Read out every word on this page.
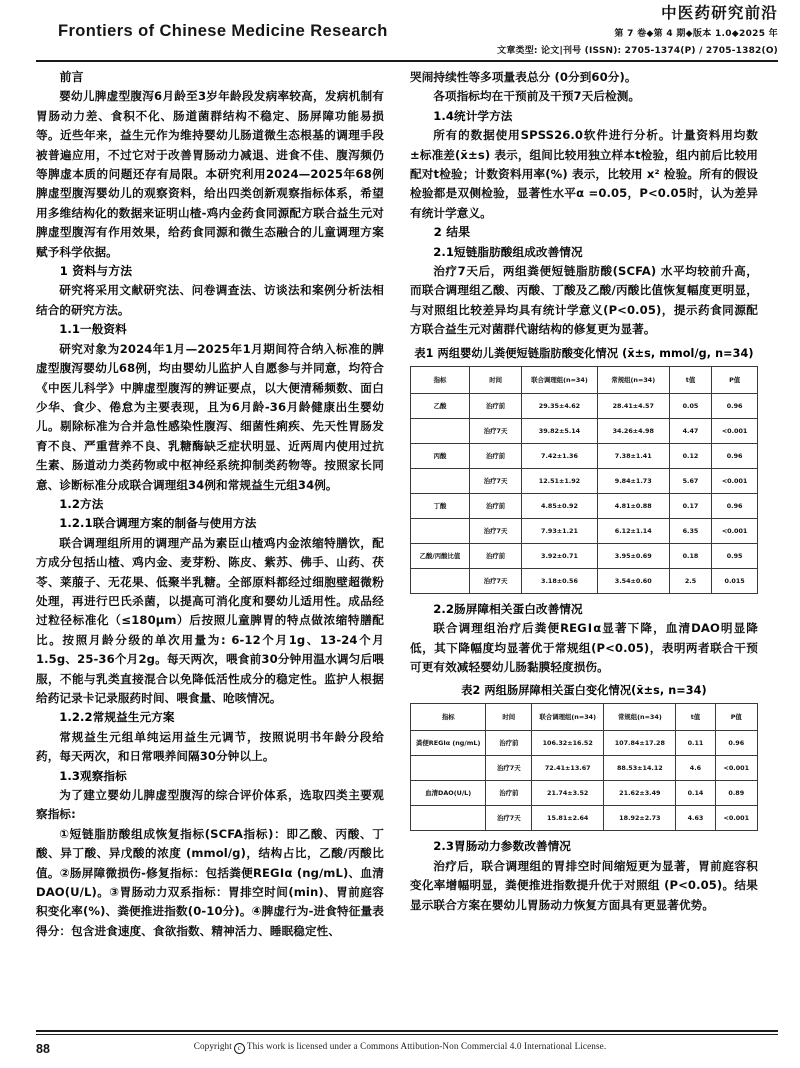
Frontiers of Chinese Medicine Research
中医药研究前沿
第 7 卷◆第 4 期◆版本 1.0◆2025 年
文章类型: 论文|刊号 (ISSN): 2705-1374(P) / 2705-1382(O)
前言

婴幼儿脾虚型腹泻6月龄至3岁年龄段发病率较高，发病机制有胃肠动力差、食积不化、肠道菌群结构不稳定、肠屏障功能易损等。近些年来，益生元作为维持婴幼儿肠道微生态根基的调理手段被普遍应用，不过它对于改善胃肠动力减退、进食不佳、腹泻频仍等脾虚本质的问题还存有局限。本研究利用2024—2025年68例脾虚型腹泻婴幼儿的观察资料，给出四类创新观察指标体系，希望用多维结构化的数据来证明山楂-鸡内金药食同源配方联合益生元对脾虚型腹泻有作用效果，给药食同源和微生态融合的儿童调理方案赋予科学依据。

1 资料与方法

研究将采用文献研究法、问卷调查法、访谈法和案例分析法相结合的研究方法。

1.1一般资料

研究对象为2024年1月—2025年1月期间符合纳入标准的脾虚型腹泻婴幼儿68例，均由婴幼儿监护人自愿参与并同意，均符合《中医儿科学》中脾虚型腹泻的辨证要点，以大便清稀频数、面白少华、食少、倦怠为主要表现，且为6月龄-36月龄健康出生婴幼儿。剔除标准为合并急性感染性腹泻、细菌性痢疾、先天性胃肠发育不良、严重营养不良、乳糖酶缺乏症状明显、近两周内使用过抗生素、肠道动力类药物或中枢神经系统抑制类药物等。按照家长同意、诊断标准分成联合调理组34例和常规益生元组34例。

1.2方法
1.2.1联合调理方案的制备与使用方法

联合调理组所用的调理产品为素臣山楂鸡内金浓缩特膳饮，配方成分包括山楂、鸡内金、麦芽粉、陈皮、紫苏、佛手、山药、茯苓、莱菔子、无花果、低聚半乳糖。全部原料都经过细胞壁超微粉处理，再进行巴氏杀菌，以提高可消化度和婴幼儿适用性。成品经过粒径标准化（≤180μm）后按照儿童脾胃的特点做浓缩特膳配比。按照月龄分级的单次用量为: 6-12个月1g、13-24个月1.5g、25-36个月2g。每天两次，喂食前30分钟用温水调匀后喂服，不能与乳类直接混合以免降低活性成分的稳定性。监护人根据给药记录卡记录服药时间、喂食量、呛咳情况。

1.2.2常规益生元方案

常规益生元组单纯运用益生元调节，按照说明书年龄分段给药，每天两次，和日常喂养间隔30分钟以上。

1.3观察指标

为了建立婴幼儿脾虚型腹泻的综合评价体系，选取四类主要观察指标:

①短链脂肪酸组成恢复指标(SCFA指标)：即乙酸、丙酸、丁酸、异丁酸、异戊酸的浓度 (mmol/g)，结构占比，乙酸/丙酸比值。②肠屏障微损伤-修复指标：包括粪便REGⅠα (ng/mL)、血清DAO(U/L)。③胃肠动力双系指标：胃排空时间(min)、胃前庭容积变化率(%)、粪便推进指数(0-10分)。④脾虚行为-进食特征量表得分：包含进食速度、食欲指数、精神活力、睡眠稳定性、

哭闹持续性等多项量表总分 (0分到60分)。

各项指标均在干预前及干预7天后检测。

1.4统计学方法

所有的数据使用SPSS26.0软件进行分析。计量资料用均数±标准差(x̄±s) 表示，组间比较用独立样本t检验，组内前后比较用配对t检验；计数资料用率(%) 表示，比较用 x² 检验。所有的假设检验都是双侧检验，显著性水平α =0.05，P<0.05时，认为差异有统计学意义。

2 结果
2.1短链脂肪酸组成改善情况

治疗7天后，两组粪便短链脂肪酸(SCFA) 水平均较前升高，而联合调理组乙酸、丙酸、丁酸及乙酸/丙酸比值恢复幅度更明显，与对照组比较差异均具有统计学意义(P<0.05)，提示药食同源配方联合益生元对菌群代谢结构的修复更为显著。

表1 两组婴幼儿粪便短链脂肪酸变化情况 (x̄±s, mmol/g, n=34)
指标	时间	联合调理组(n=34)	常规组(n=34)	t值	P值
乙酸	治疗前	29.35±4.62	28.41±4.57	0.05	0.96
	治疗7天	39.82±5.14	34.26±4.98	4.47	<0.001
丙酸	治疗前	7.42±1.36	7.38±1.41	0.12	0.96
	治疗7天	12.51±1.92	9.84±1.73	5.67	<0.001
丁酸	治疗前	4.85±0.92	4.81±0.88	0.17	0.96
	治疗7天	7.93±1.21	6.12±1.14	6.35	<0.001
乙酸/丙酸比值	治疗前	3.92±0.71	3.95±0.69	0.18	0.95
	治疗7天	3.18±0.56	3.54±0.60	2.5	0.015
2.2肠屏障相关蛋白改善情况

联合调理组治疗后粪便REGⅠα显著下降，血清DAO明显降低，其下降幅度均显著优于常规组(P<0.05)，表明两者联合干预可更有效减轻婴幼儿肠黏膜轻度损伤。

表2 两组肠屏障相关蛋白变化情况(x̄±s, n=34)
指标	时间	联合调理组(n=34)	常规组(n=34)	t值	P值
粪便REGⅠα (ng/mL)	治疗前	106.32±16.52	107.84±17.28	0.11	0.96
	治疗7天	72.41±13.67	88.53±14.12	4.6	<0.001
血清DAO(U/L)	治疗前	21.74±3.52	21.62±3.49	0.14	0.89
	治疗7天	15.81±2.64	18.92±2.73	4.63	<0.001
2.3胃肠动力参数改善情况

治疗后，联合调理组的胃排空时间缩短更为显著，胃前庭容积变化率增幅明显，粪便推进指数提升优于对照组 (P<0.05)。结果显示联合方案在婴幼儿胃肠动力恢复方面具有更显著优势。

88	Copyright c This work is licensed under a Commons Attibution-Non Commercial 4.0 International License.
